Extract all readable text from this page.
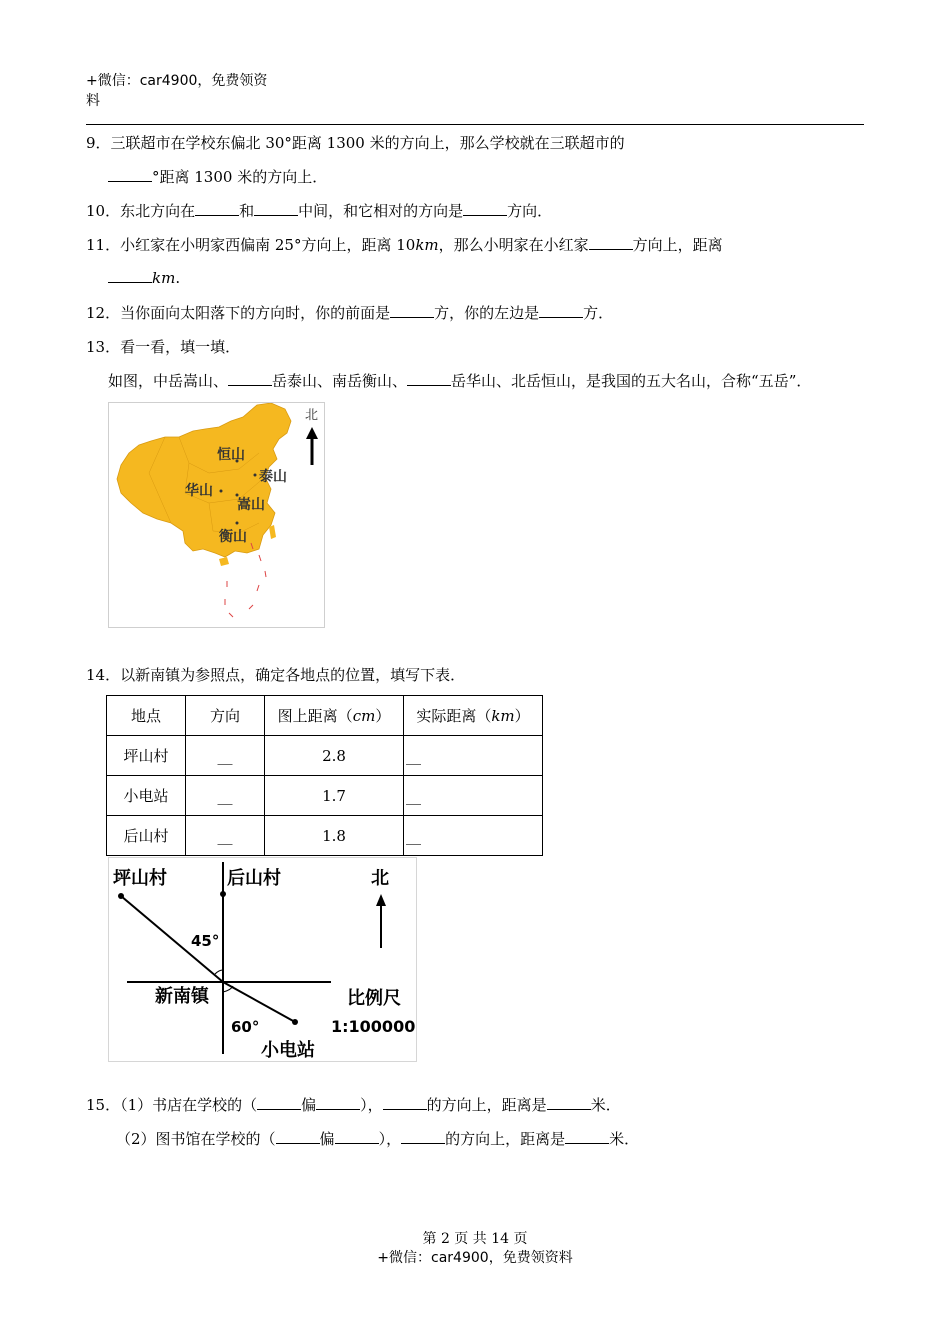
+微信：car4900，免费领资
料
9．三联超市在学校东偏北 30°距离 1300 米的方向上，那么学校就在三联超市的
°距离 1300 米的方向上．
10．东北方向在	和	中间，和它相对的方向是	方向．
11．小红家在小明家西偏南 25°方向上，距离 10km，那么小明家在小红家	方向上，距离
km.
12．当你面向太阳落下的方向时，你的前面是	方，你的左边是	方．
13．看一看，填一填．
如图，中岳嵩山、	岳泰山、南岳衡山、	岳华山、北岳恒山，是我国的五大名山，合称“五岳”．
恒山
泰山
华山
嵩山
衡山
北
14．以新南镇为参照点，确定各地点的位置，填写下表．
地点	方向	图上距离（cm）	实际距离（km）
坪山村	__	2.8	__
小电站	__	1.7	__
后山村	__	1.8	__
坪山村	后山村	北
45°
新南镇	比例尺
1:100000
60°
小电站
15．（1）书店在学校的（	偏	），	的方向上，距离是	米．
（2）图书馆在学校的（	偏	），	的方向上，距离是	米．
第 2 页 共 14 页
+微信：car4900，免费领资料
